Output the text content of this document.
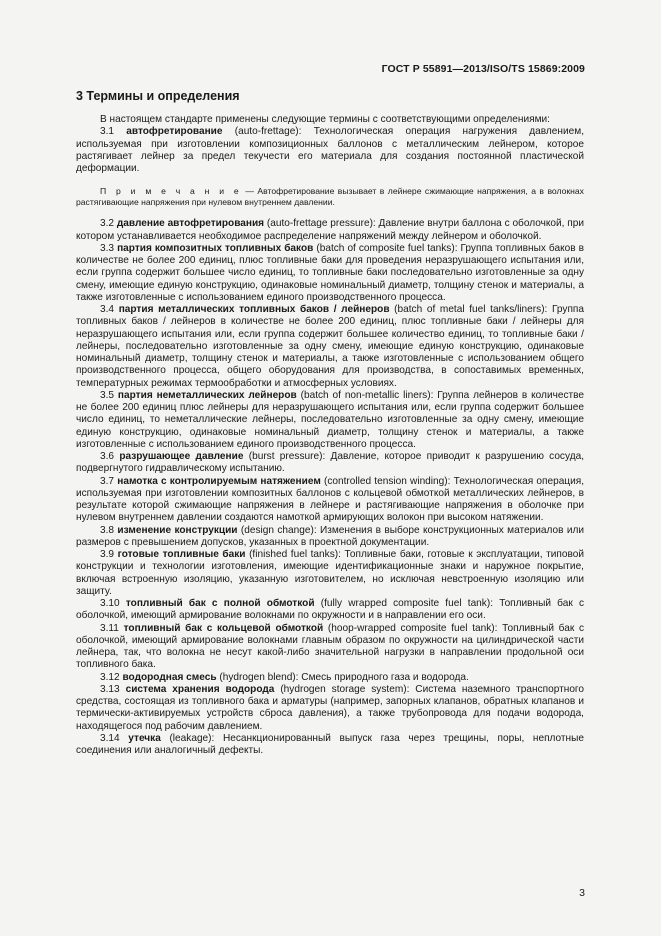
ГОСТ Р 55891—2013/ISO/TS 15869:2009
3 Термины и определения

В настоящем стандарте применены следующие термины с соответствующими определениями:

3.1 автофретирование (auto-frettage): Технологическая операция нагружения давлением, используемая при изготовлении композиционных баллонов с металлическим лейнером, которое растягивает лейнер за предел текучести его материала для создания постоянной пластической деформации.

П р и м е ч а н и е — Автофретирование вызывает в лейнере сжимающие напряжения, а в волокнах растягивающие напряжения при нулевом внутреннем давлении.

3.2 давление автофретирования (auto-frettage pressure): Давление внутри баллона с оболочкой, при котором устанавливается необходимое распределение напряжений между лейнером и оболочкой.

3.3 партия композитных топливных баков (batch of composite fuel tanks): Группа топливных баков в количестве не более 200 единиц, плюс топливные баки для проведения неразрушающего испытания или, если группа содержит большее число единиц, то топливные баки последовательно изготовленные за одну смену, имеющие единую конструкцию, одинаковые номинальный диаметр, толщину стенок и материалы, а также изготовленные с использованием единого производственного процесса.

3.4 партия металлических топливных баков / лейнеров (batch of metal fuel tanks/liners): Группа топливных баков / лейнеров в количестве не более 200 единиц, плюс топливные баки / лейнеры для неразрушающего испытания или, если группа содержит большее количество единиц, то топливные баки / лейнеры, последовательно изготовленные за одну смену, имеющие единую конструкцию, одинаковые номинальный диаметр, толщину стенок и материалы, а также изготовленные с использованием общего производственного процесса, общего оборудования для производства, в сопоставимых временных, температурных режимах термообработки и атмосферных условиях.

3.5 партия неметаллических лейнеров (batch of non-metallic liners): Группа лейнеров в количестве не более 200 единиц плюс лейнеры для неразрушающего испытания или, если группа содержит большее число единиц, то неметаллические лейнеры, последовательно изготовленные за одну смену, имеющие единую конструкцию, одинаковые номинальный диаметр, толщину стенок и материалы, а также изготовленные с использованием единого производственного процесса.

3.6 разрушающее давление (burst pressure): Давление, которое приводит к разрушению сосуда, подвергнутого гидравлическому испытанию.

3.7 намотка с контролируемым натяжением (controlled tension winding): Технологическая операция, используемая при изготовлении композитных баллонов с кольцевой обмоткой металлических лейнеров, в результате которой сжимающие напряжения в лейнере и растягивающие напряжения в оболочке при нулевом внутреннем давлении создаются намоткой армирующих волокон при высоком натяжении.

3.8 изменение конструкции (design change): Изменения в выборе конструкционных материалов или размеров с превышением допусков, указанных в проектной документации.

3.9 готовые топливные баки (finished fuel tanks): Топливные баки, готовые к эксплуатации, типовой конструкции и технологии изготовления, имеющие идентификационные знаки и наружное покрытие, включая встроенную изоляцию, указанную изготовителем, но исключая невстроенную изоляцию или защиту.

3.10 топливный бак с полной обмоткой (fully wrapped composite fuel tank): Топливный бак с оболочкой, имеющий армирование волокнами по окружности и в направлении его оси.

3.11 топливный бак с кольцевой обмоткой (hoop-wrapped composite fuel tank): Топливный бак с оболочкой, имеющий армирование волокнами главным образом по окружности на цилиндрической части лейнера, так, что волокна не несут какой-либо значительной нагрузки в направлении продольной оси топливного бака.

3.12 водородная смесь (hydrogen blend): Смесь природного газа и водорода.

3.13 система хранения водорода (hydrogen storage system): Система наземного транспортного средства, состоящая из топливного бака и арматуры (например, запорных клапанов, обратных клапанов и термически-активируемых устройств сброса давления), а также трубопровода для подачи водорода, находящегося под рабочим давлением.

3.14 утечка (leakage): Несанкционированный выпуск газа через трещины, поры, неплотные соединения или аналогичный дефекты.

3
